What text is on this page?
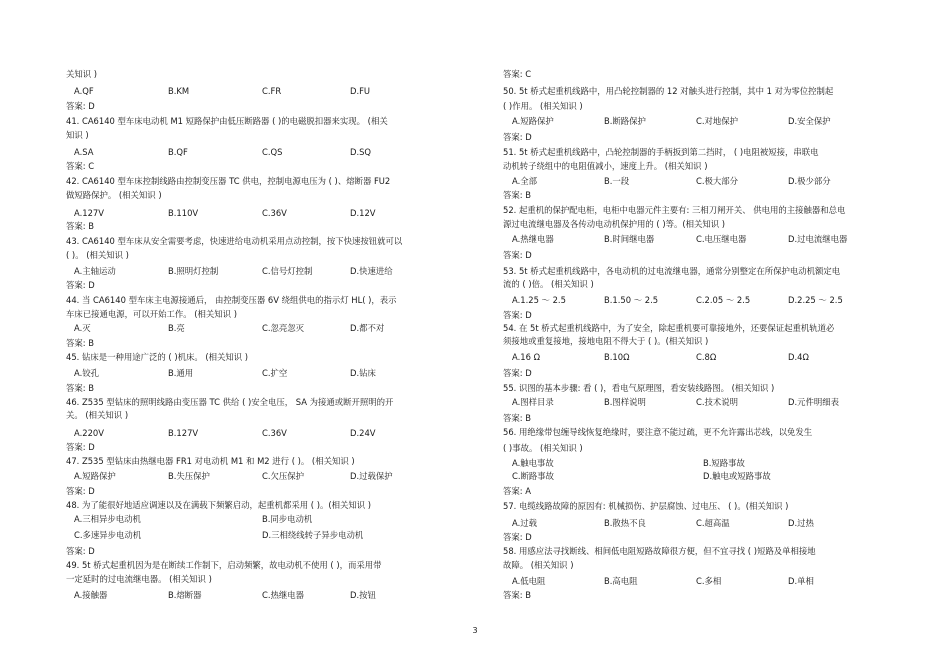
关知识 )
A.QF	B.KM	C.FR	D.FU
答案: D
41. CA6140 型车床电动机 M1 短路保护由低压断路器 ( )的电磁脱扣器来实现。 (相关
知识 )
A.SA	B.QF	C.QS	D.SQ
答案: C
42. CA6140 型车床控制线路由控制变压器 TC 供电，控制电源电压为 ( )、熔断器 FU2
做短路保护。 (相关知识 )
A.127V	B.110V	C.36V	D.12V
答案: B
43. CA6140 型车床从安全需要考虑，快速进给电动机采用点动控制，按下快速按钮就可以
( )。 (相关知识 )
A.主轴运动	B.照明灯控制	C.信号灯控制	D.快速进给
答案: D
44. 当 CA6140 型车床主电源接通后， 由控制变压器 6V 绕组供电的指示灯 HL( )，表示
车床已接通电源，可以开始工作。 (相关知识 )
A.灭	B.亮	C.忽亮忽灭	D.都不对
答案: B
45. 钻床是一种用途广泛的 ( )机床。 (相关知识 )
A.铰孔	B.通用	C.扩空	D.钻床
答案: B
46. Z535 型钻床的照明线路由变压器 TC 供给 ( )安全电压， SA 为接通或断开照明的开
关。 (相关知识 )
A.220V	B.127V	C.36V	D.24V
答案: D
47. Z535 型钻床由热继电器 FR1 对电动机 M1 和 M2 进行 ( )。 (相关知识 )
A.短路保护	B.失压保护	C.欠压保护	D.过载保护
答案: D
48. 为了能很好地适应调速以及在满载下频繁启动，起重机都采用 ( )。(相关知识 )
A.三相异步电动机	B.同步电动机
C.多速异步电动机	D.三相绕线转子异步电动机
答案: D
49. 5t 桥式起重机因为是在断续工作制下，启动频繁，故电动机不使用 ( )，而采用带
一定延时的过电流继电器。 (相关知识 )
A.接触器	B.熔断器	C.热继电器	D.按钮
答案: C
50. 5t 桥式起重机线路中，用凸轮控制器的 12 对触头进行控制，其中 1 对为零位控制起
( )作用。 (相关知识 )
A.短路保护	B.断路保护	C.对地保护	D.安全保护
答案: D
51. 5t 桥式起重机线路中，凸轮控制器的手柄扳到第二挡时， ( )电阻被短接，串联电
动机转子绕组中的电阻值减小，速度上升。 (相关知识 )
A.全部	B.一段	C.极大部分	D.极少部分
答案: B
52. 起重机的保护配电柜，电柜中电器元件主要有: 三相刀闸开关、 供电用的主接触器和总电
源过电流继电器及各传动电动机保护用的 ( )等。(相关知识 )
A.热继电器	B.时间继电器	C.电压继电器	D.过电流继电器
答案: D
53. 5t 桥式起重机线路中，各电动机的过电流继电器，通常分别整定在所保护电动机额定电
流的 ( )倍。 (相关知识 )
A.1.25 ～ 2.5	B.1.50 ～ 2.5	C.2.05 ～ 2.5	D.2.25 ～ 2.5
答案: D
54. 在 5t 桥式起重机线路中，为了安全，除起重机要可靠接地外，还要保证起重机轨道必
须接地或重复接地，接地电阻不得大于 ( )。(相关知识 )
A.16 Ω	B.10Ω	C.8Ω	D.4Ω
答案: D
55. 识图的基本步骤: 看 ( )，看电气原理图，看安装线路图。 (相关知识 )
A.图样目录	B.图样说明	C.技术说明	D.元件明细表
答案: B
56. 用绝缘带包缠导线恢复绝缘时，要注意不能过疏，更不允许露出芯线，以免发生
( )事故。 (相关知识 )
A.触电事故	B.短路事故
C.断路事故	D.触电或短路事故
答案: A
57. 电缆线路故障的原因有: 机械损伤、护层腐蚀、过电压、 ( )。(相关知识 )
A.过载	B.散热不良	C.超高温	D.过热
答案: D
58. 用感应法寻找断线、相间低电阻短路故障很方便，但不宜寻找 ( )短路及单相接地
故障。 (相关知识 )
A.低电阻	B.高电阻	C.多相	D.单相
答案: B
3
